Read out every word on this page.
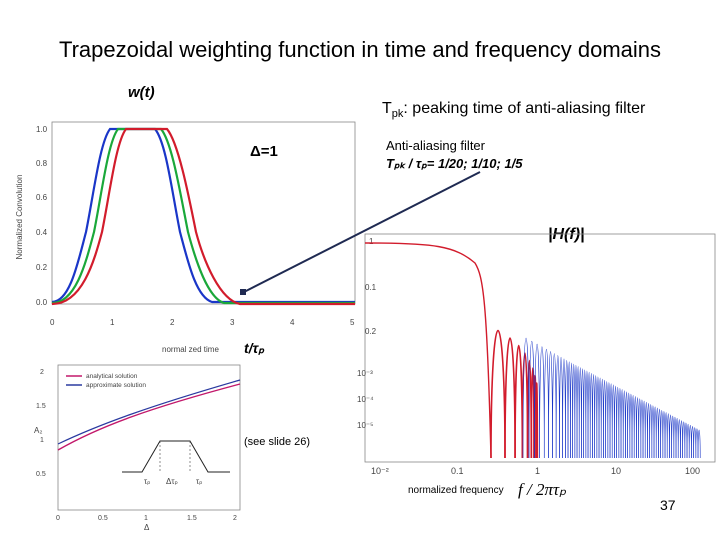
Trapezoidal weighting function in time and frequency domains
w(t)
$T_{pk}$: peaking time of anti-aliasing filter
Anti-aliasing filter
Tₚₖ / τₚ= 1/20; 1/10; 1/5
Δ=1
|H(f)|
t/τₚ
(see slide 26)
normalized frequency f / 2πτₚ
37
Normalized Convolution
0.0
0.2
0.4
0.6
0.8
1.0
0	1	2	3	4	5
normal zed time
1
0.1
0.2
10⁻³
10⁻⁴
10⁻⁵
10⁻²	0.1	1	10	100
2
1.5
1
0.5
A₂
0	0.5	1	1.5	2
Δ
analytical solution
approximate solution
τₚ Δτₚ τₚ
